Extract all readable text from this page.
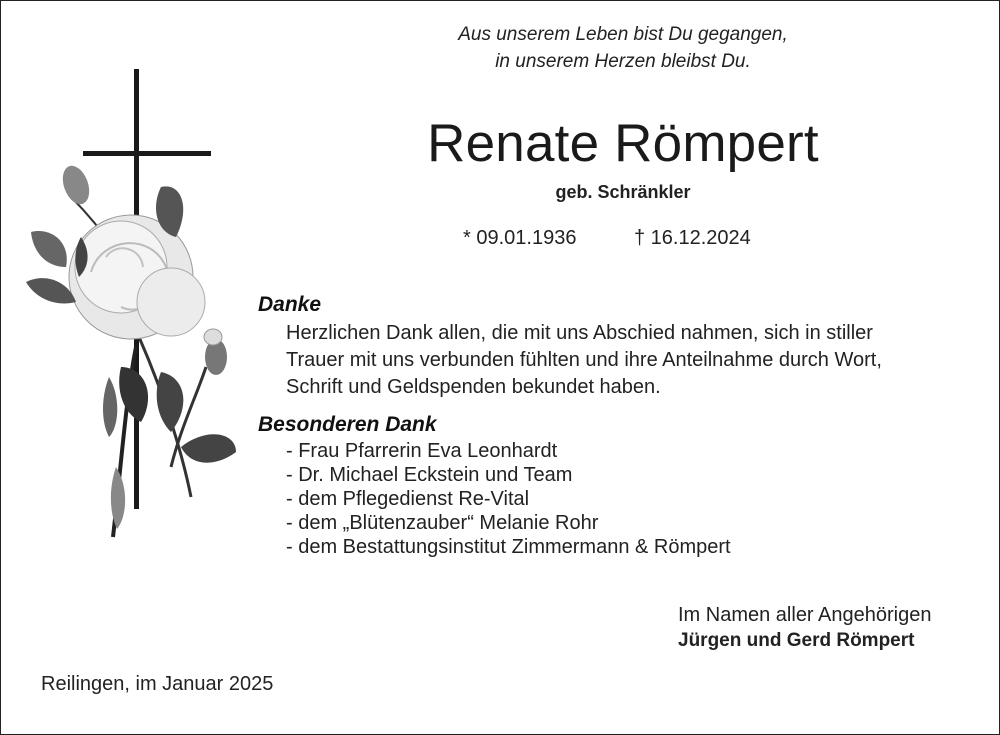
Aus unserem Leben bist Du gegangen,
in unserem Herzen bleibst Du.
Renate Römpert
geb. Schränkler
* 09.01.1936	† 16.12.2024
Danke
Herzlichen Dank allen, die mit uns Abschied nahmen, sich in stiller
Trauer mit uns verbunden fühlten und ihre Anteilnahme durch Wort,
Schrift und Geldspenden bekundet haben.
Besonderen Dank
- Frau Pfarrerin Eva Leonhardt
- Dr. Michael Eckstein und Team
- dem Pflegedienst Re-Vital
- dem „Blütenzauber“ Melanie Rohr
- dem Bestattungsinstitut Zimmermann & Römpert
Im Namen aller Angehörigen
Jürgen und Gerd Römpert
Reilingen, im Januar 2025
